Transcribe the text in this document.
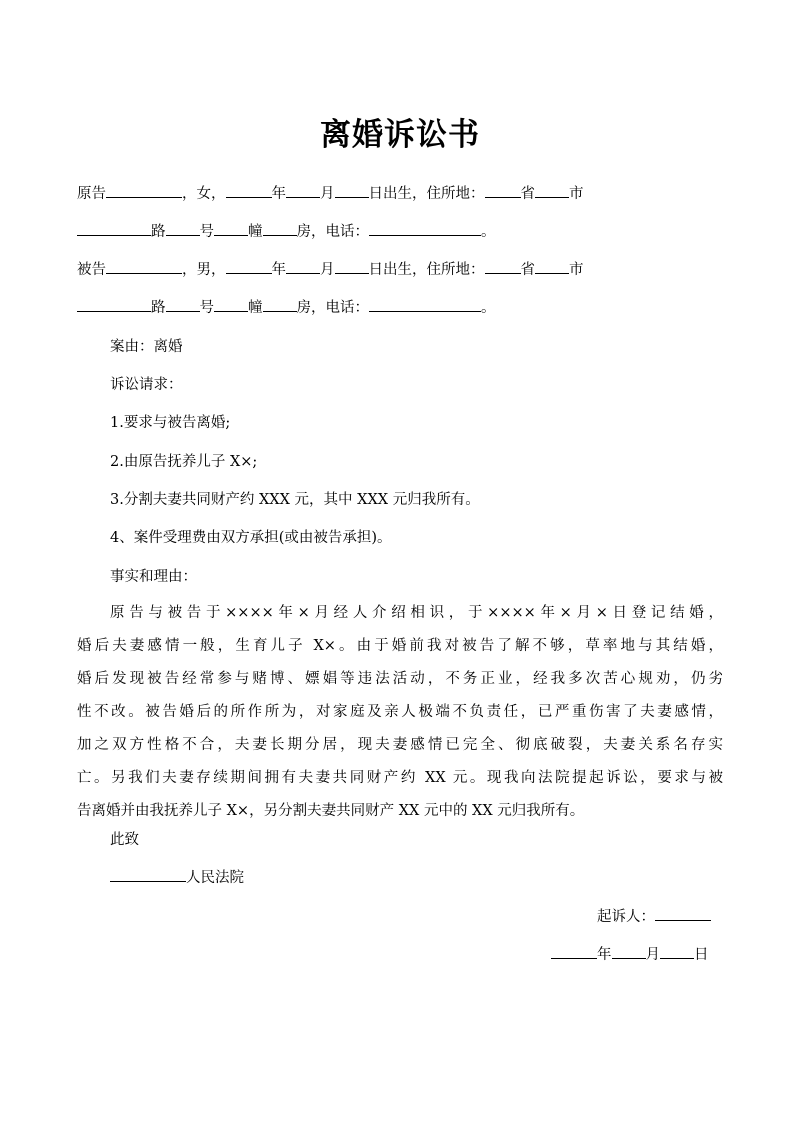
离婚诉讼书
原告	，女，	年 月 日出生，住所地： 省 市
路 号 幢 房，电话：	。
被告	，男，	年 月 日出生，住所地： 省 市
路 号 幢 房，电话：	。
案由：离婚
诉讼请求：
1.要求与被告离婚;
2.由原告抚养儿子 X×;
3.分割夫妻共同财产约 XXX 元，其中 XXX 元归我所有。
4、案件受理费由双方承担(或由被告承担)。
事实和理由：
原告与被告于××××年×月经人介绍相识，于××××年×月×日登记结婚，
婚后夫妻感情一般，生育儿子 X×。由于婚前我对被告了解不够，草率地与其结婚，
婚后发现被告经常参与赌博、嫖娼等违法活动，不务正业，经我多次苦心规劝，仍劣
性不改。被告婚后的所作所为，对家庭及亲人极端不负责任，已严重伤害了夫妻感情，
加之双方性格不合，夫妻长期分居，现夫妻感情已完全、彻底破裂，夫妻关系名存实
亡。另我们夫妻存续期间拥有夫妻共同财产约 XX 元。现我向法院提起诉讼，要求与被
告离婚并由我抚养儿子 X×，另分割夫妻共同财产 XX 元中的 XX 元归我所有。
此致
人民法院
起诉人：
年 月 日
